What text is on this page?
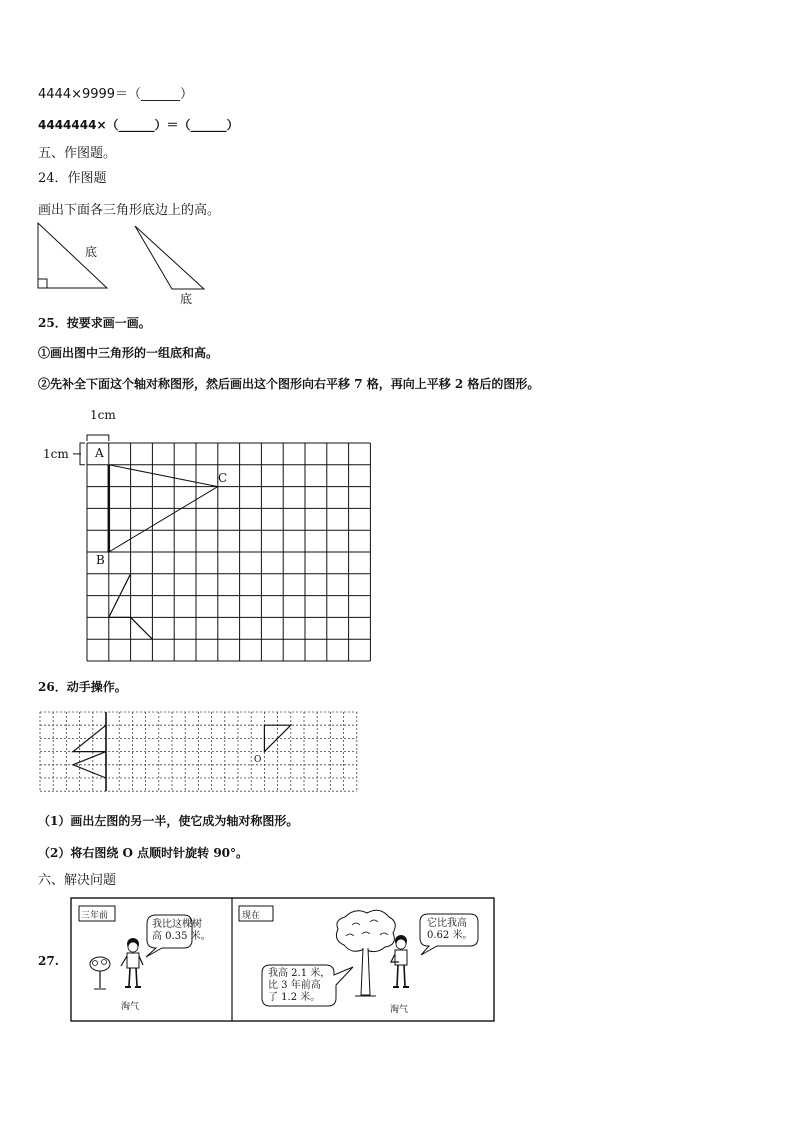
4444×9999＝（______）
4444444×（______）＝（______）
五、作图题。
24．作图题
画出下面各三角形底边上的高。
底
底
25．按要求画一画。
①画出图中三角形的一组底和高。
②先补全下面这个轴对称图形，然后画出这个图形向右平移 7 格，再向上平移 2 格后的图形。
1cm
1cm A
B
C
26．动手操作。
O
（1）画出左图的另一半，使它成为轴对称图形。
（2）将右图绕 O 点顺时针旋转 90°。
六、解决问题
27.
三年前	现在
我比这棵树
高 0.35 米。
淘气
它比我高
0.62 米。
我高 2.1 米，
比 3 年前高
了 1.2 米。
淘气
